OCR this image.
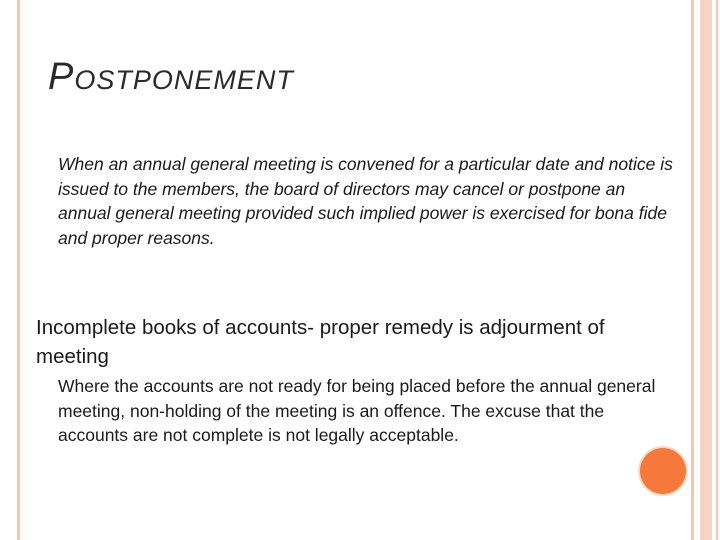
POSTPONEMENT

When an annual general meeting is convened for a particular date and notice is issued to the members, the board of directors may cancel or postpone an annual general meeting provided such implied power is exercised for bona fide and proper reasons.

Incomplete books of accounts- proper remedy is adjourment of meeting

Where the accounts are not ready for being placed before the annual general meeting, non-holding of the meeting is an offence. The excuse that the accounts are not complete is not legally acceptable.
